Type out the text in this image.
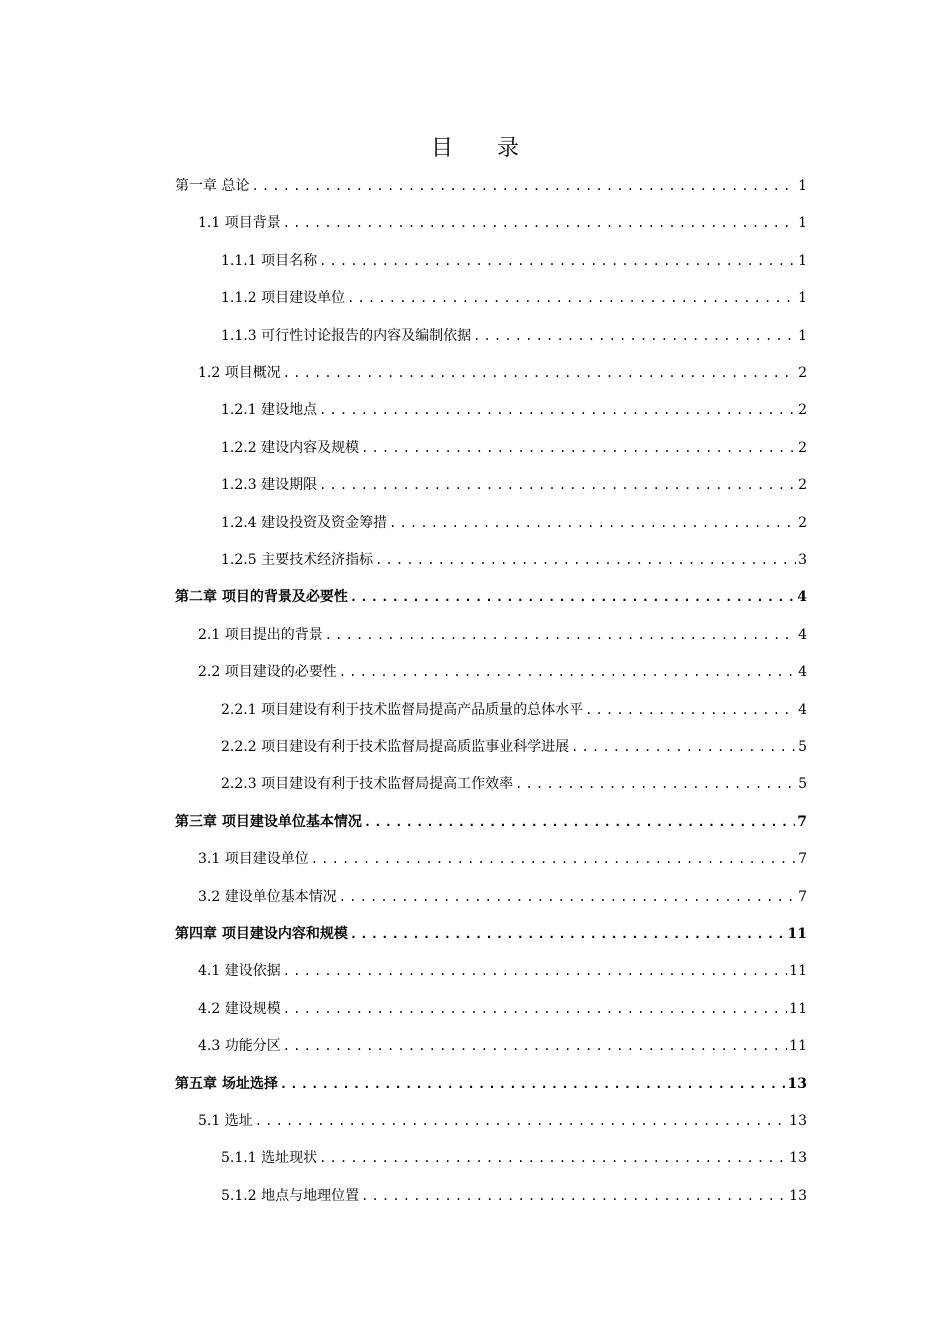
目　　录
第一章 总论 .....	1
1.1 项目背景 .....	1
1.1.1 项目名称 .....	1
1.1.2 项目建设单位 .....	1
1.1.3 可行性讨论报告的内容及编制依据 .....	1
1.2 项目概况 .....	2
1.2.1 建设地点 .....	2
1.2.2 建设内容及规模 .....	2
1.2.3 建设期限 .....	2
1.2.4 建设投资及资金筹措 .....	2
1.2.5 主要技术经济指标 .....	3
第二章 项目的背景及必要性 .....	4
2.1 项目提出的背景 .....	4
2.2 项目建设的必要性 .....	4
2.2.1 项目建设有利于技术监督局提高产品质量的总体水平 .....	4
2.2.2 项目建设有利于技术监督局提高质监事业科学进展 .....	5
2.2.3 项目建设有利于技术监督局提高工作效率 .....	5
第三章 项目建设单位基本情况 .....	7
3.1 项目建设单位 .....	7
3.2 建设单位基本情况 .....	7
第四章 项目建设内容和规模 .....	11
4.1 建设依据 .....	11
4.2 建设规模 .....	11
4.3 功能分区 .....	11
第五章 场址选择 .....	13
5.1 选址 .....	13
5.1.1 选址现状 .....	13
5.1.2 地点与地理位置 .....	13
